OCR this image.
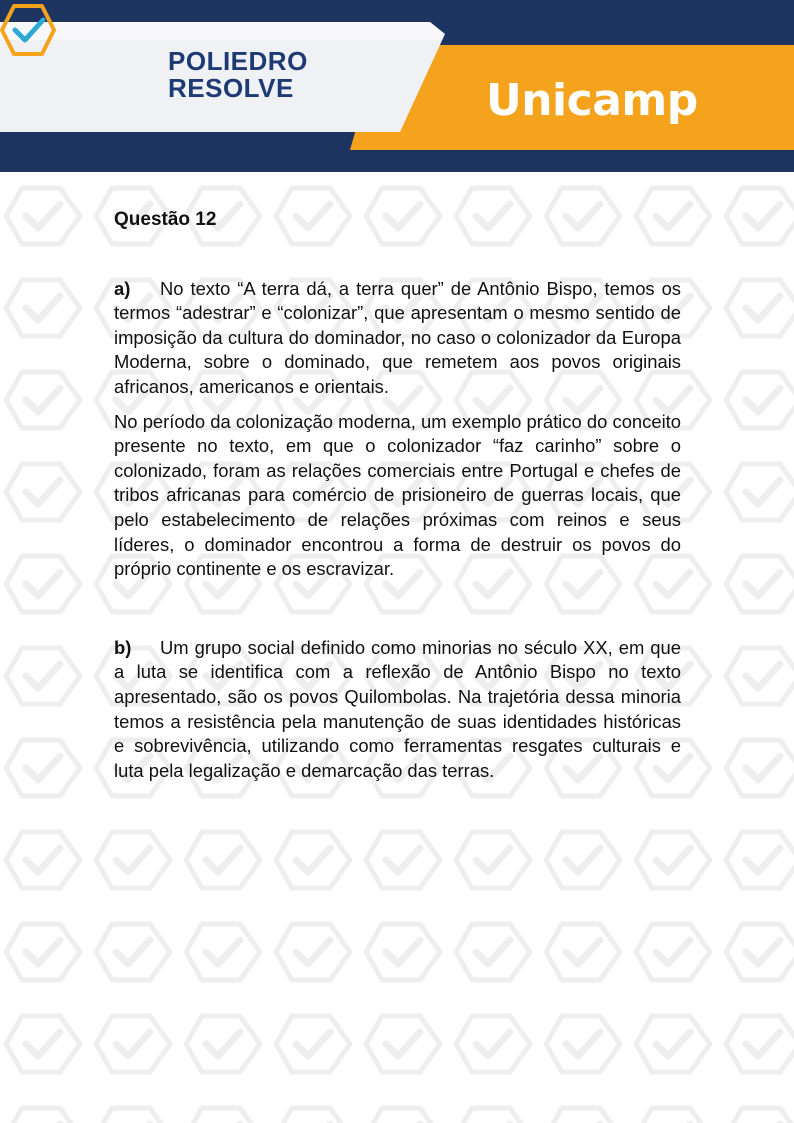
POLIEDRO
RESOLVE	Unicamp
Questão 12

a) No texto “A terra dá, a terra quer” de Antônio Bispo, temos os termos “adestrar” e “colonizar”, que apresentam o mesmo sentido de imposição da cultura do dominador, no caso o colonizador da Europa Moderna, sobre o dominado, que remetem aos povos originais africanos, americanos e orientais.

No período da colonização moderna, um exemplo prático do conceito presente no texto, em que o colonizador “faz carinho” sobre o colonizado, foram as relações comerciais entre Portugal e chefes de tribos africanas para comércio de prisioneiro de guerras locais, que pelo estabelecimento de relações próximas com reinos e seus líderes, o dominador encontrou a forma de destruir os povos do próprio continente e os escravizar.

b) Um grupo social definido como minorias no século XX, em que a luta se identifica com a reflexão de Antônio Bispo no texto apresentado, são os povos Quilombolas. Na trajetória dessa minoria temos a resistência pela manutenção de suas identidades históricas e sobrevivência, utilizando como ferramentas resgates culturais e luta pela legalização e demarcação das terras.
